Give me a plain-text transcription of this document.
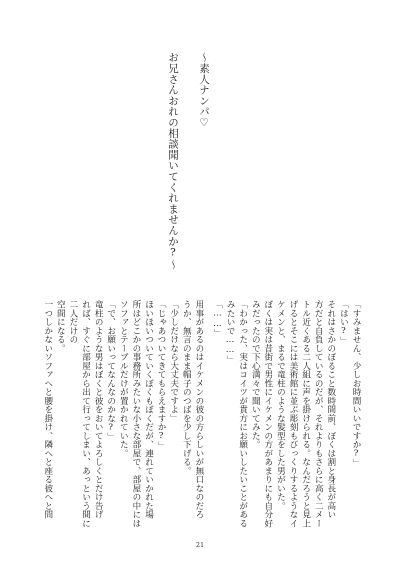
〜素人ナンパ♡
お兄さんおれの相談聞いてくれませんか?〜
「すみません、少しお時間いいですか?」
「はい?」
それはさかのぼること数時間前、ぼくは割と身長が高い
方だと自負しているのだが、それよりもさらに高く二メー
トル近くある二人組に声を掛けられる。なんだろうと見上
げるとそこには美術館に並ぶ彫刻もびっくりするようなイ
ケメンと、まるで竜柱のような髪型をした男がいた。
ぼくは実は昔街で男性にイケメンの方があまりにも自分好
みだったので下心満々で聞いてみた。
「わかった、実はコイツが貴方にお願いしたいことがある
みたいで……」
「……」
用事があるのはイケメンの彼の方らしいが無口なのだろ
うか、無言のまま帽子のつばを少し下げる。
「少しだけなら大丈夫ですよ」
「じゃあついてきてもらえますか?」
ほいほいついていくぼくもぼくだが、連れていかれた場
所はどこかの事務所みたいな小さな部屋で、部屋の中には
ソファとテーブルだけが置かれていた。
「で、お願いってなんなのかな?」
竜柱のような男はぼくと彼をおいてよろしくとだけ告げ
れば、すぐに部屋から出て行ってしまい、あっという間に二人だけの
空間になる。
一つしかないソファへと腰を掛け、隣へと座る彼へと問
21
